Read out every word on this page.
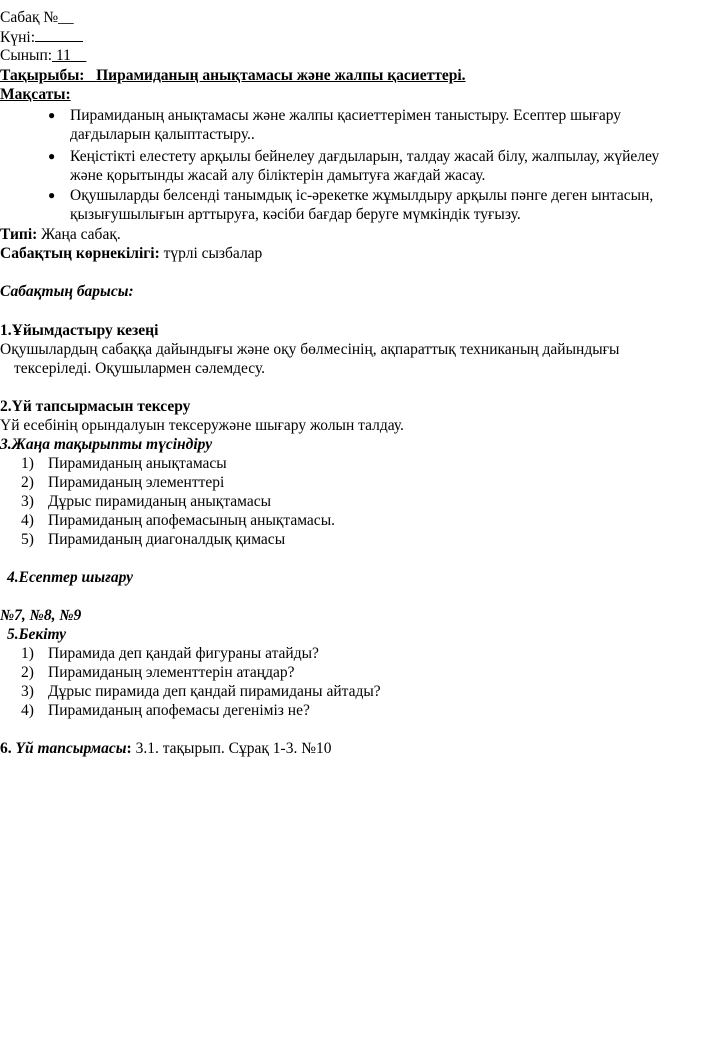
Сабақ №__
Күні:
Сынып: 11
Тақырыбы: Пирамиданың анықтамасы және жалпы қасиеттері.
Мақсаты:
● Пирамиданың анықтамасы және жалпы қасиеттерімен таныстыру. Есептер шығару
дағдыларын қалыптастыру..
● Кеңістікті елестету арқылы бейнелеу дағдыларын, талдау жасай білу, жалпылау, жүйелеу
және қорытынды жасай алу біліктерін дамытуға жағдай жасау.
● Оқушыларды белсенді танымдық іс-әрекетке жұмылдыру арқылы пәнге деген ынтасын,
қызығушылығын арттыруға, кәсіби бағдар беруге мүмкіндік туғызу.
Типі: Жаңа сабақ.
Сабақтың көрнекілігі: түрлі сызбалар
Сабақтың барысы:
1.Ұйымдастыру кезеңі
Оқушылардың сабаққа дайындығы және оқу бөлмесінің, ақпараттық техниканың дайындығы
тексеріледі. Оқушылармен сәлемдесу.
2.Үй тапсырмасын тексеру
Үй есебінің орындалуын тексеружәне шығару жолын талдау.
3.Жаңа тақырыпты түсіндіру
1) Пирамиданың анықтамасы
2) Пирамиданың элементтері
3) Дұрыс пирамиданың анықтамасы
4) Пирамиданың апофемасының анықтамасы.
5) Пирамиданың диагоналдық қимасы
4.Есептер шығару
№7, №8, №9
5.Бекіту
1) Пирамида деп қандай фигураны атайды?
2) Пирамиданың элементтерін атаңдар?
3) Дұрыс пирамида деп қандай пирамиданы айтады?
4) Пирамиданың апофемасы дегеніміз не?
6. Үй тапсырмасы: 3.1. тақырып. Сұрақ 1-3. №10
